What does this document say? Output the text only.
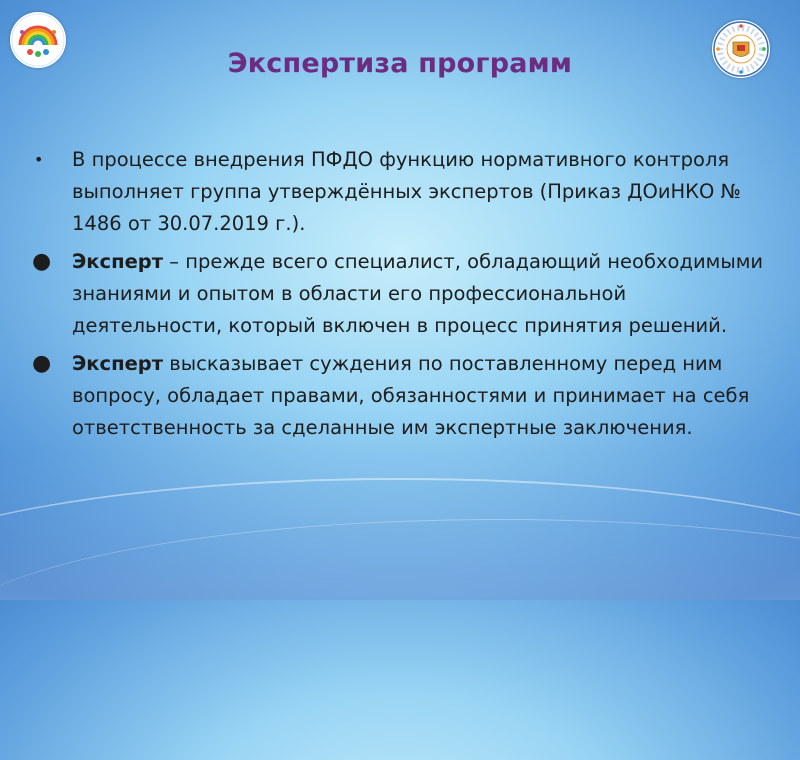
Экспертиза программ
•	В процессе внедрения ПФДО функцию нормативного контроля выполняет группа утверждённых экспертов (Приказ ДОиНКО № 1486 от 30.07.2019 г.).
●	Эксперт – прежде всего специалист, обладающий необходимыми знаниями и опытом в области его профессиональной деятельности, который включен в процесс принятия решений.
●	Эксперт высказывает суждения по поставленному перед ним вопросу, обладает правами, обязанностями и принимает на себя ответственность за сделанные им экспертные заключения.
